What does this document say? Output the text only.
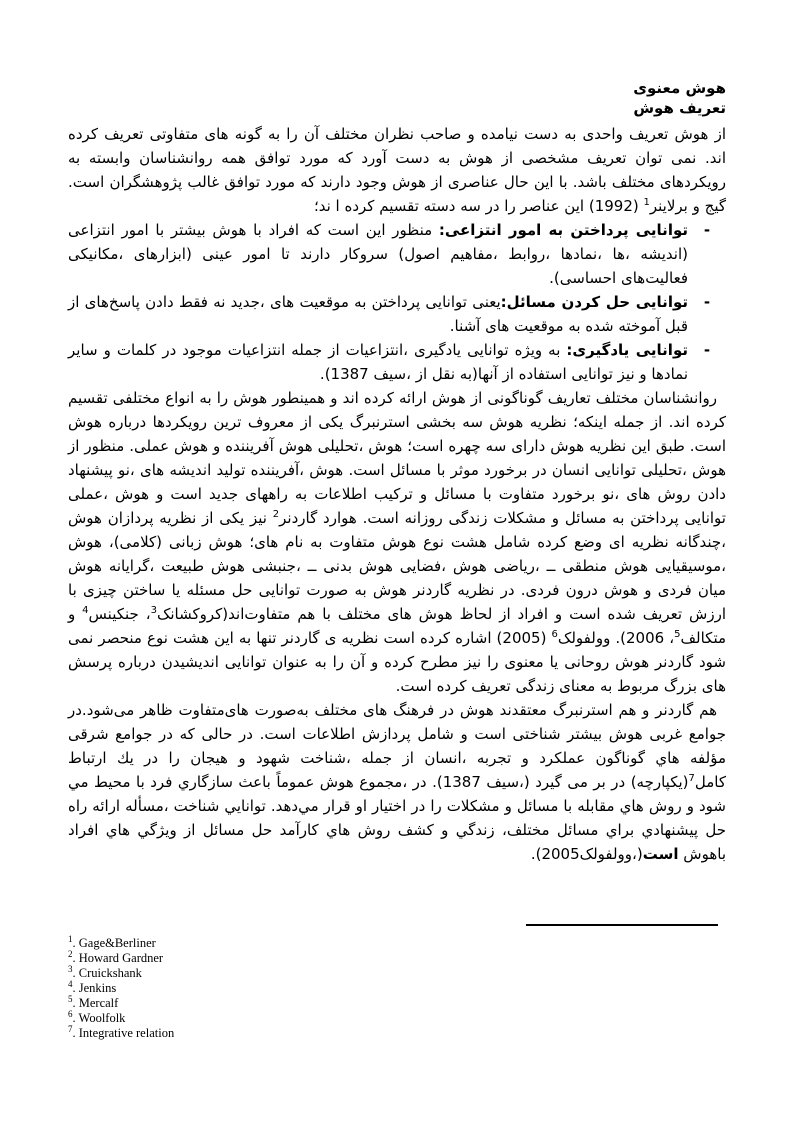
هوش معنوی
تعریف هوش
از هوش تعریف واحدی به دست نیامده و صاحب نظران مختلف آن را به گونه های متفاوتی تعریف کرده اند. نمی توان تعریف مشخصی از هوش به دست آورد که مورد توافق همه روانشناسان وابسته به رویکردهای مختلف باشد. با این حال عناصری از هوش وجود دارند که مورد توافق غالب پژوهشگران است. گیج و برلاینر$^1$ (1992) این عناصر را در سه دسته تقسیم کرده ا ند؛
-
توانایی پرداختن به امور انتزاعی: منظور این است که افراد با هوش بیشتر با امور انتزاعی (اندیشه ،ها ،نمادها ،روابط ،مفاهیم اصول) سروکار دارند تا امور عینی (ابزارهای ،مکانیکی فعالیت‌های احساسی).
-
توانایی حل کردن مسائل:یعنی توانایی پرداختن به موقعیت های ،جدید نه فقط دادن پاسخ‌های از قبل آموخته شده به موقعیت های آشنا.
-
توانایی یادگیری: به ویژه توانایی یادگیری ،انتزاعیات از جمله انتزاعیات موجود در کلمات و سایر نمادها و نیز توانایی استفاده از آنها(به نقل از ،سیف 1387).
روانشناسان مختلف تعاریف گوناگونی از هوش ارائه کرده اند و همینطور هوش را به انواع مختلفی تقسیم کرده اند. از جمله اینکه؛ نظریه هوش سه بخشی استرنبرگ یکی از معروف ترین رویکردها درباره هوش است. طبق این نظریه هوش دارای سه چهره است؛ هوش ،تحلیلی هوش آفریننده و هوش عملی. منظور از هوش ،تحلیلی توانایی انسان در برخورد موثر با مسائل است. هوش ،آفریننده تولید اندیشه های ،نو پیشنهاد دادن روش های ،نو برخورد متفاوت با مسائل و ترکیب اطلاعات به راههای جدید است و هوش ،عملی توانایی پرداختن به مسائل و مشکلات زندگی روزانه است. هوارد گاردنر$^2$ نیز یکی از نظریه پردازان هوش ،چندگانه نظریه ای وضع کرده شامل هشت نوع هوش متفاوت به نام های؛ هوش زبانی (کلامی)، هوش ،موسیقیایی هوش منطقی ــ ،ریاضی هوش ،فضایی هوش بدنی ــ ،جنبشی هوش طبیعت ،گرایانه هوش میان فردی و هوش درون فردی. در نظریه گاردنر هوش به صورت توانایی حل مسئله یا ساختن چیزی با ارزش تعریف شده است و افراد از لحاظ هوش های مختلف با هم متفاوت‌اند(کروکشانک$^3$، جنکینس$^4$ و متکالف$^5$، 2006). وولفولک$^6$ (2005) اشاره کرده است نظریه ی گاردنر تنها به این هشت نوع منحصر نمی شود گاردنر هوش روحانی یا معنوی را نیز مطرح کرده و آن را به عنوان توانایی اندیشیدن درباره پرسش های بزرگ مربوط به معنای زندگی تعریف کرده است.
هم گاردنر و هم استرنبرگ معتقدند هوش در فرهنگ های مختلف به‌صورت های‌متفاوت ظاهر می‌شود.در جوامع غربی هوش بیشتر شناختی است و شامل پردازش اطلاعات است. در حالی که در جوامع شرقی مؤلفه هاي گوناگون عملکرد و تجربه ،انسان از جمله ،شناخت شهود و هیجان را در یك ارتباط کامل$^7$(یکپارچه) در بر می گیرد (،سیف 1387). در ،مجموع هوش عموماً باعث سازگاري فرد با محیط مي شود و روش هاي مقابله با مسائل و مشکلات را در اختیار او قرار مي‌دهد. توانایي شناخت ،مسأله ارائه راه حل پیشنهادي براي مسائل مختلف، زندگي و کشف روش هاي کارآمد حل مسائل از ویژگي هاي افراد باهوش است(،وولفولک2005).
$^1$. Gage&Berliner
$^2$. Howard Gardner
$^3$. Cruickshank
$^4$. Jenkins
$^5$. Mercalf
$^6$. Woolfolk
$^7$. Integrative relation
